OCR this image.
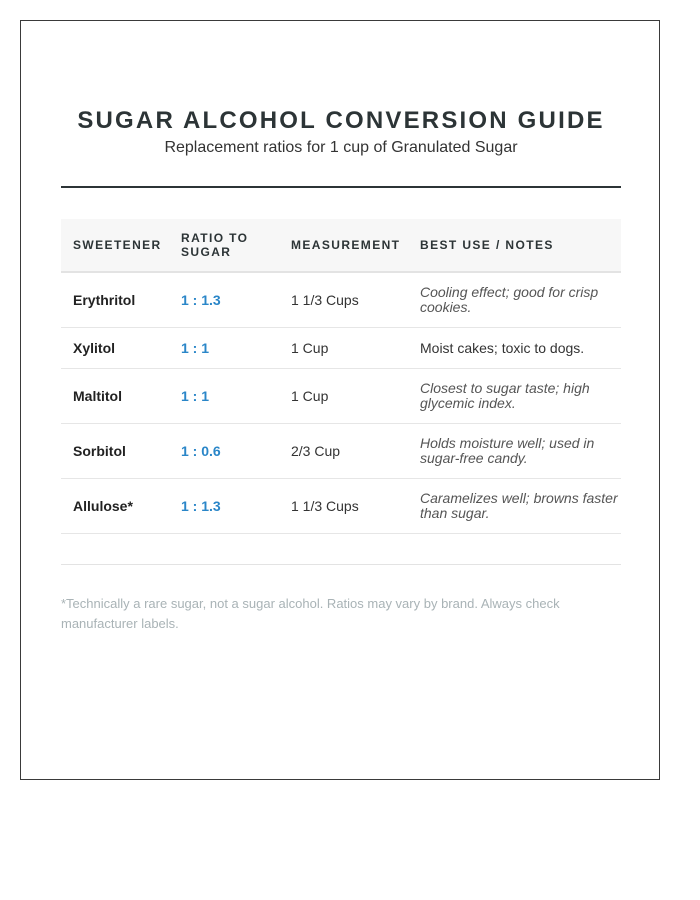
SUGAR ALCOHOL CONVERSION GUIDE
Replacement ratios for 1 cup of Granulated Sugar
SWEETENER	RATIO TO SUGAR	MEASUREMENT	BEST USE / NOTES
Erythritol	1 : 1.3	1 1/3 Cups	Cooling effect; good for crisp cookies.
Xylitol	1 : 1	1 Cup	Moist cakes; toxic to dogs.
Maltitol	1 : 1	1 Cup	Closest to sugar taste; high glycemic index.
Sorbitol	1 : 0.6	2/3 Cup	Holds moisture well; used in sugar-free candy.
Allulose*	1 : 1.3	1 1/3 Cups	Caramelizes well; browns faster than sugar.
*Technically a rare sugar, not a sugar alcohol. Ratios may vary by brand. Always check manufacturer labels.
